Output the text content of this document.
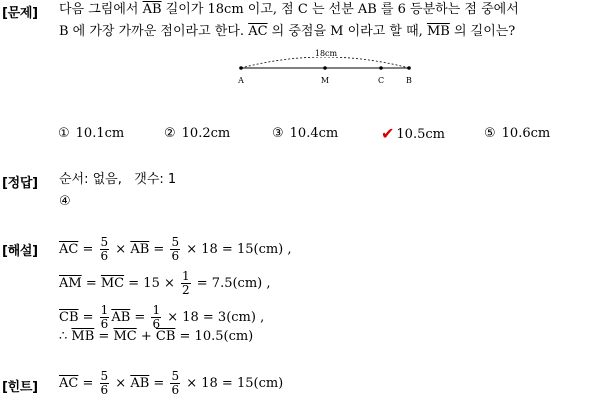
[문제] 다음 그림에서 $\overline{AB}$ 길이가 18cm 이고, 점 C 는 선분 AB 를 6 등분하는 점 중에서
B 에 가장 가까운 점이라고 한다. $\overline{AC}$ 의 중점을 M 이라고 할 때, $\overline{MB}$ 의 길이는?
18cm
A	M	C	B
① 10.1cm	② 10.2cm	③ 10.4cm	✔ 10.5cm	⑤ 10.6cm
[정답] 순서: 없음,   갯수: 1
④
[해설] $\overline{AC} = \frac{5}{6} \times \overline{AB} = \frac{5}{6} \times 18 = 15(cm)$ ,
$\overline{AM} = \overline{MC} = 15 \times \frac{1}{2} = 7.5(cm)$ ,
$\overline{CB} = \frac{1}{6} \overline{AB} = \frac{1}{6} \times 18 = 3(cm)$ ,
∴ $\overline{MB} = \overline{MC} + \overline{CB} = 10.5(cm)$
[힌트] $\overline{AC} = \frac{5}{6} \times \overline{AB} = \frac{5}{6} \times 18 = 15(cm)$
